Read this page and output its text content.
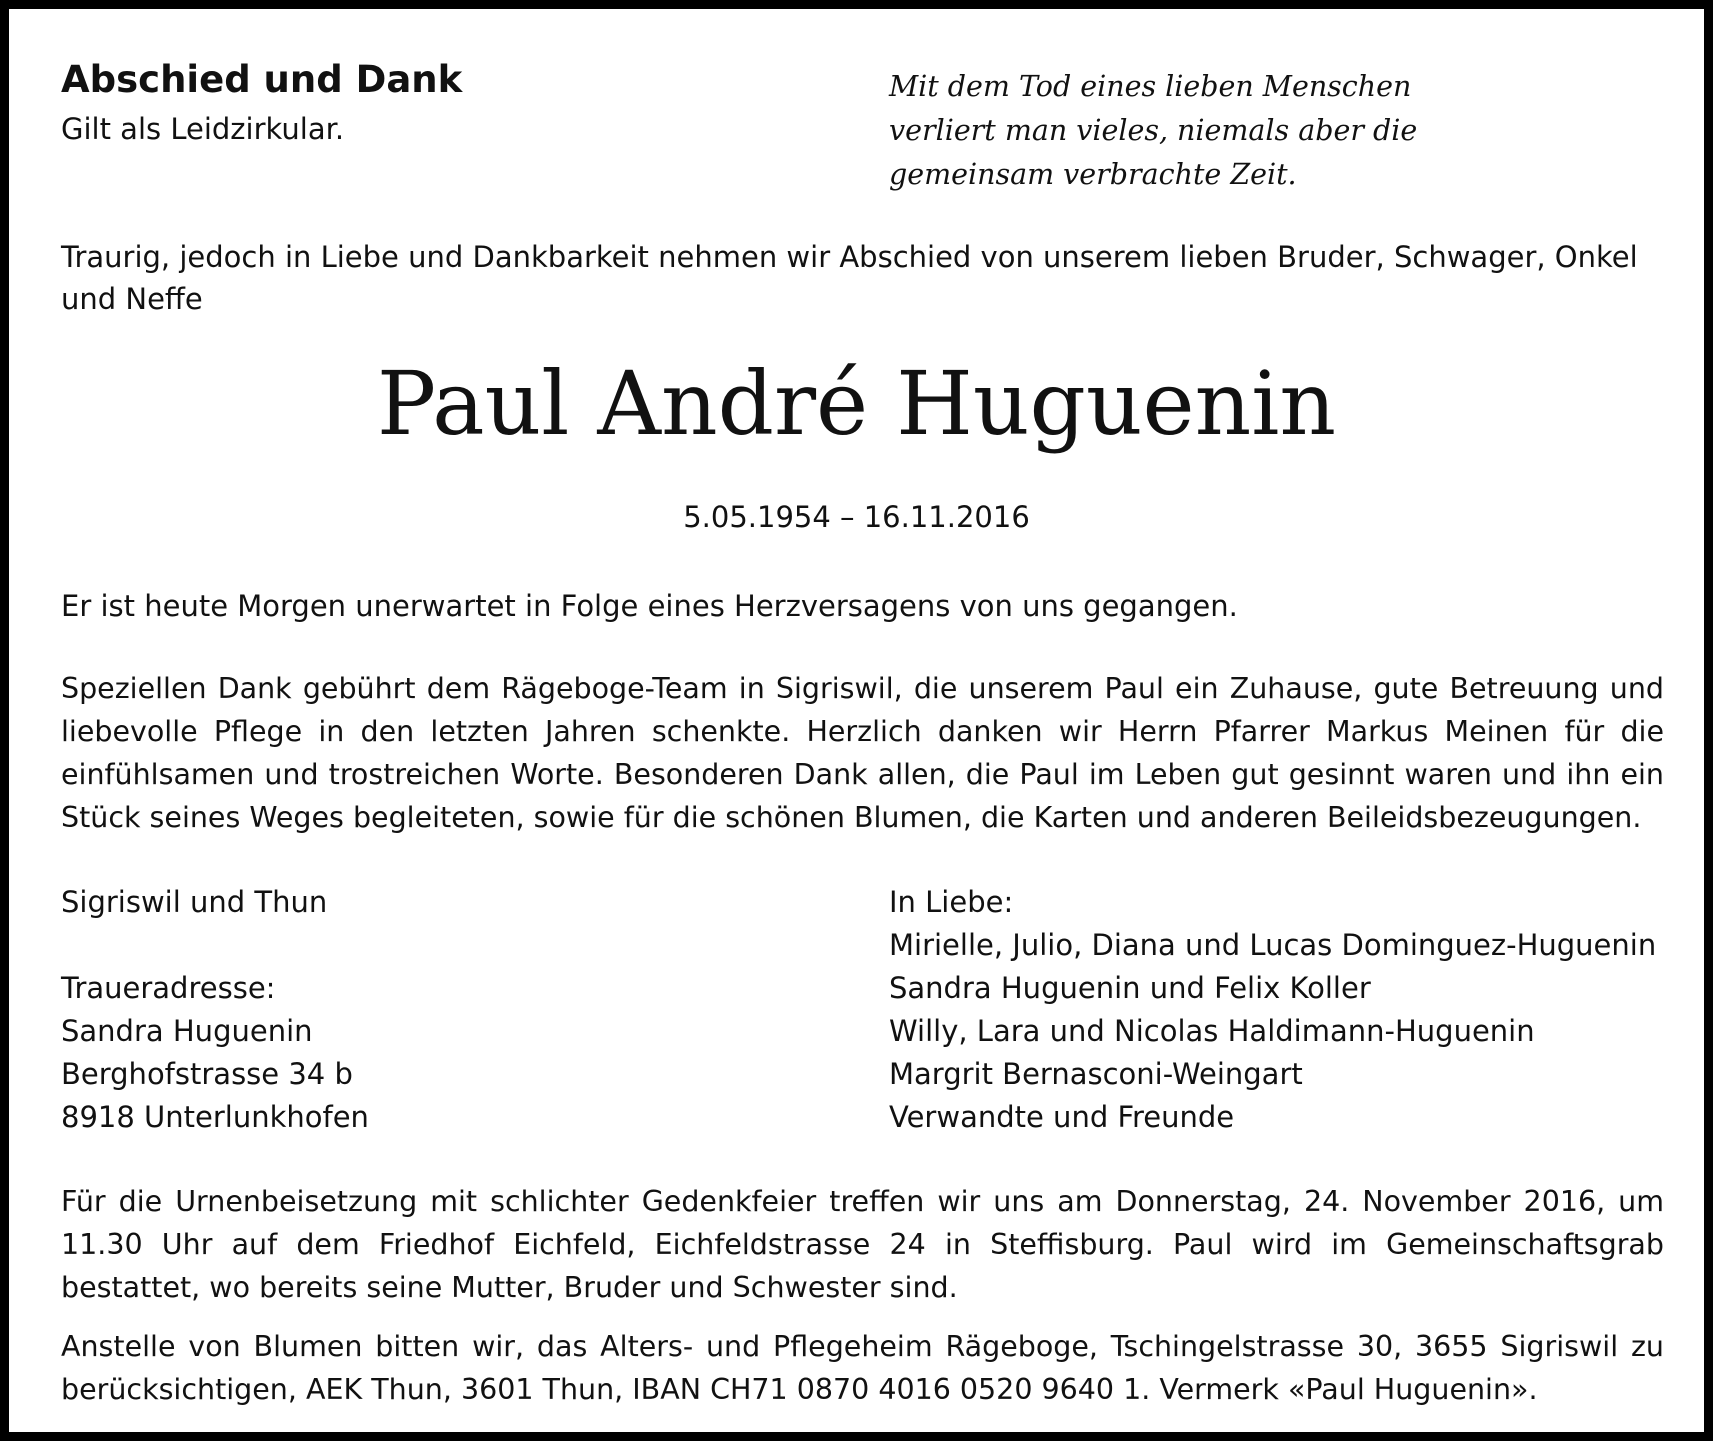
Abschied und Dank
Gilt als Leidzirkular.
Mit dem Tod eines lieben Menschen
verliert man vieles, niemals aber die
gemeinsam verbrachte Zeit.
Traurig, jedoch in Liebe und Dankbarkeit nehmen wir Abschied von unserem lieben Bruder, Schwager, Onkel und Neffe
Paul André Huguenin
5.05.1954 – 16.11.2016
Er ist heute Morgen unerwartet in Folge eines Herzversagens von uns gegangen.
Speziellen Dank gebührt dem Rägeboge-Team in Sigriswil, die unserem Paul ein Zuhause, gute Betreuung und liebevolle Pflege in den letzten Jahren schenkte. Herzlich danken wir Herrn Pfarrer Markus Meinen für die einfühlsamen und trostreichen Worte. Besonderen Dank allen, die Paul im Leben gut gesinnt waren und ihn ein Stück seines Weges begleiteten, sowie für die schönen Blumen, die Karten und anderen Beileidsbezeugungen.
Sigriswil und Thun
Traueradresse:
Sandra Huguenin
Berghofstrasse 34 b
8918 Unterlunkhofen
In Liebe:
Mirielle, Julio, Diana und Lucas Dominguez-Huguenin
Sandra Huguenin und Felix Koller
Willy, Lara und Nicolas Haldimann-Huguenin
Margrit Bernasconi-Weingart
Verwandte und Freunde
Für die Urnenbeisetzung mit schlichter Gedenkfeier treffen wir uns am Donnerstag, 24. November 2016, um 11.30 Uhr auf dem Friedhof Eichfeld, Eichfeldstrasse 24 in Steffisburg. Paul wird im Gemeinschaftsgrab bestattet, wo bereits seine Mutter, Bruder und Schwester sind.
Anstelle von Blumen bitten wir, das Alters- und Pflegeheim Rägeboge, Tschingelstrasse 30, 3655 Sigriswil zu berücksichtigen, AEK Thun, 3601 Thun, IBAN CH71 0870 4016 0520 9640 1. Vermerk «Paul Huguenin».
